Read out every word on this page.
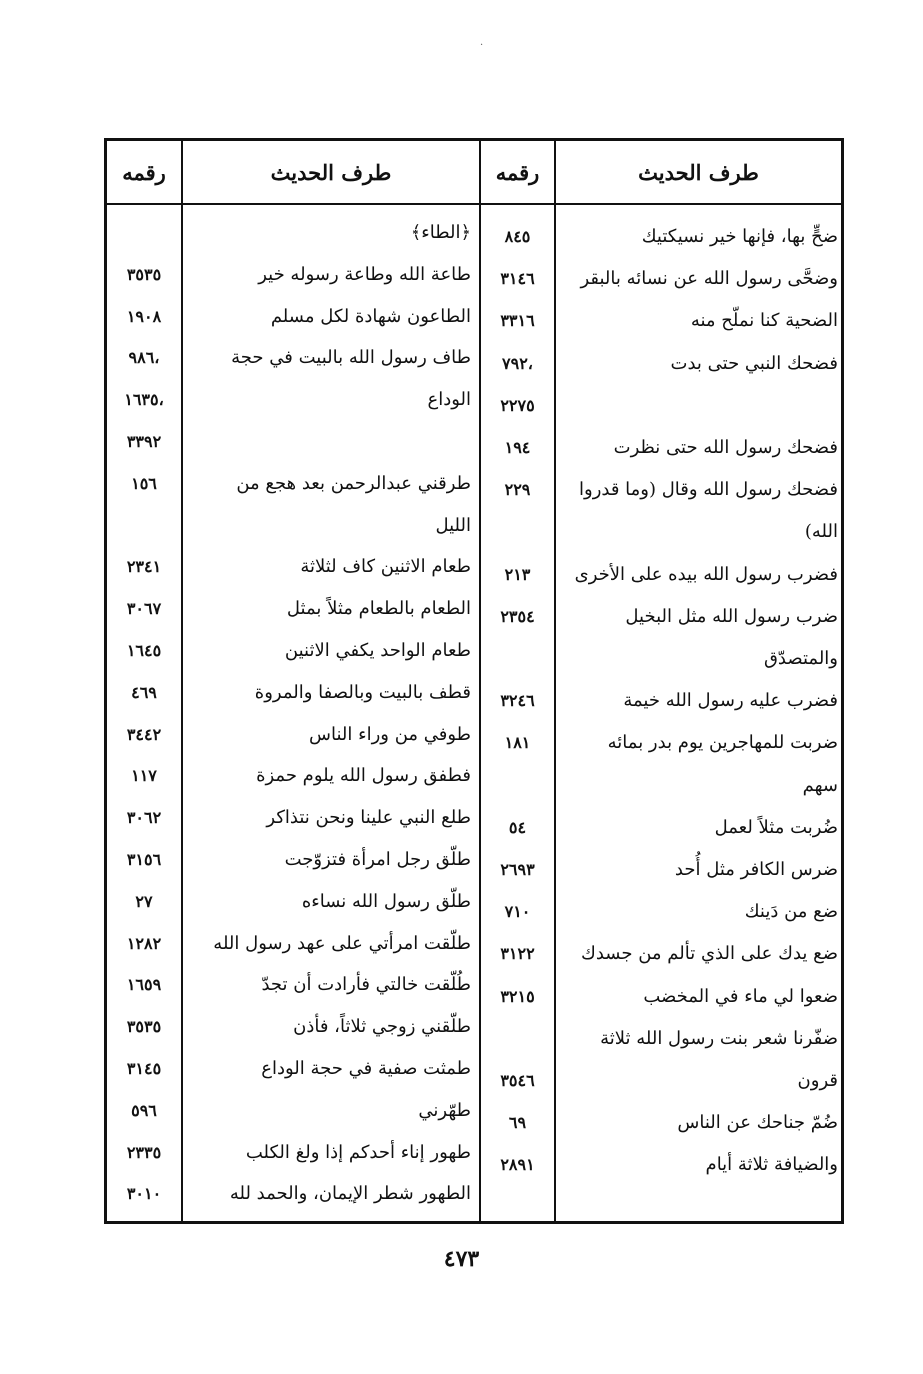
·
طرف الحديث
رقمه
طرف الحديث
رقمه
ضحٍّ بها، فإنها خير نسيكتيك
٨٤٥
وضحَّى رسول الله عن نسائه بالبقر
٣١٤٦
الضحية كنا نملّح منه
٣٣١٦
فضحك النبي حتى بدت
،٧٩٢
٢٢٧٥
فضحك رسول الله حتى نظرت
١٩٤
فضحك رسول الله وقال (وما قدروا
٢٢٩
الله)
فضرب رسول الله بيده على الأخرى
٢١٣
ضرب رسول الله مثل البخيل
٢٣٥٤
والمتصدّق
فضرب عليه رسول الله خيمة
٣٢٤٦
ضربت للمهاجرين يوم بدر بمائه
١٨١
سهم
ضُربت مثلاً لعمل
٥٤
ضرس الكافر مثل أُحد
٢٦٩٣
ضع من دَينك
٧١٠
ضع يدك على الذي تألم من جسدك
٣١٢٢
ضعوا لي ماء في المخضب
٣٢١٥
ضفّرنا شعر بنت رسول الله ثلاثة
قرون
٣٥٤٦
ضُمّ جناحك عن الناس
٦٩
والضيافة ثلاثة أيام
٢٨٩١
﴿الطاء﴾
طاعة الله وطاعة رسوله خير
٣٥٣٥
الطاعون شهادة لكل مسلم
١٩٠٨
طاف رسول الله بالبيت في حجة
،٩٨٦
الوداع
،١٦٣٥
٣٣٩٢
طرقني عبدالرحمن بعد هجع من
١٥٦
الليل
طعام الاثنين كاف لثلاثة
٢٣٤١
الطعام بالطعام مثلاً بمثل
٣٠٦٧
طعام الواحد يكفي الاثنين
١٦٤٥
قطف بالبيت وبالصفا والمروة
٤٦٩
طوفي من وراء الناس
٣٤٤٢
فطفق رسول الله يلوم حمزة
١١٧
طلع النبي علينا ونحن نتذاكر
٣٠٦٢
طلّق رجل امرأة فتزوّجت
٣١٥٦
طلّق رسول الله نساءه
٢٧
طلّقت امرأتي على عهد رسول الله
١٢٨٢
طُلّقت خالتي فأرادت أن تجدّ
١٦٥٩
طلّقني زوجي ثلاثاً، فأذن
٣٥٣٥
طمثت صفية في حجة الوداع
٣١٤٥
طهّرني
٥٩٦
طهور إناء أحدكم إذا ولغ الكلب
٢٣٣٥
الطهور شطر الإيمان، والحمد لله
٣٠١٠
٤٧٣
